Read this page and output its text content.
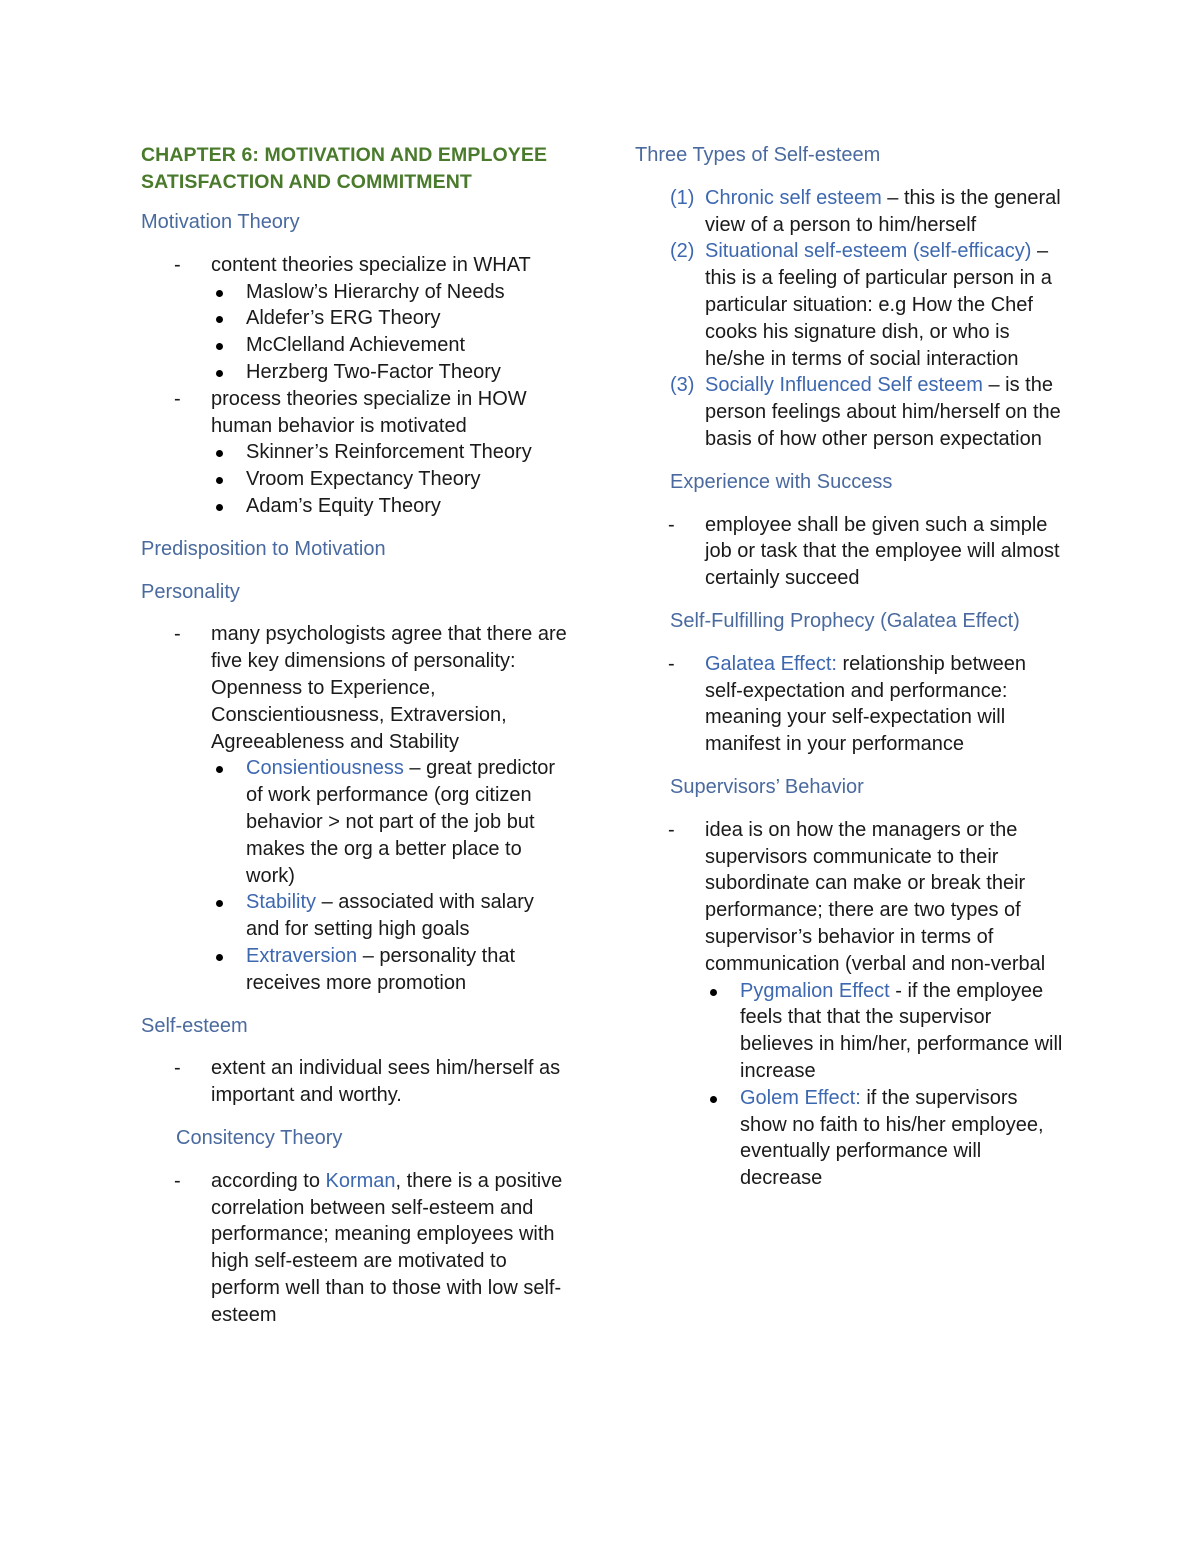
CHAPTER 6: MOTIVATION AND EMPLOYEE SATISFACTION AND COMMITMENT
Motivation Theory
- content theories specialize in WHAT
Maslow’s Hierarchy of Needs
Aldefer’s ERG Theory
McClelland Achievement
Herzberg Two-Factor Theory
- process theories specialize in HOW human behavior is motivated
Skinner’s Reinforcement Theory
Vroom Expectancy Theory
Adam’s Equity Theory
Predisposition to Motivation
Personality
- many psychologists agree that there are five key dimensions of personality: Openness to Experience, Conscientiousness, Extraversion, Agreeableness and Stability
Consientiousness – great predictor of work performance (org citizen behavior > not part of the job but makes the org a better place to work)
Stability – associated with salary and for setting high goals
Extraversion – personality that receives more promotion
Self-esteem
- extent an individual sees him/herself as important and worthy.
Consitency Theory
- according to Korman, there is a positive correlation between self-esteem and performance; meaning employees with high self-esteem are motivated to perform well than to those with low self-esteem
Three Types of Self-esteem
(1) Chronic self esteem – this is the general view of a person to him/herself
(2) Situational self-esteem (self-efficacy) – this is a feeling of particular person in a particular situation: e.g How the Chef cooks his signature dish, or who is he/she in terms of social interaction
(3) Socially Influenced Self esteem – is the person feelings about him/herself on the basis of how other person expectation
Experience with Success
- employee shall be given such a simple job or task that the employee will almost certainly succeed
Self-Fulfilling Prophecy (Galatea Effect)
- Galatea Effect: relationship between self-expectation and performance: meaning your self-expectation will manifest in your performance
Supervisors’ Behavior
- idea is on how the managers or the supervisors communicate to their subordinate can make or break their performance; there are two types of supervisor’s behavior in terms of communication (verbal and non-verbal
Pygmalion Effect - if the employee feels that that the supervisor believes in him/her, performance will increase
Golem Effect: if the supervisors show no faith to his/her employee, eventually performance will decrease
